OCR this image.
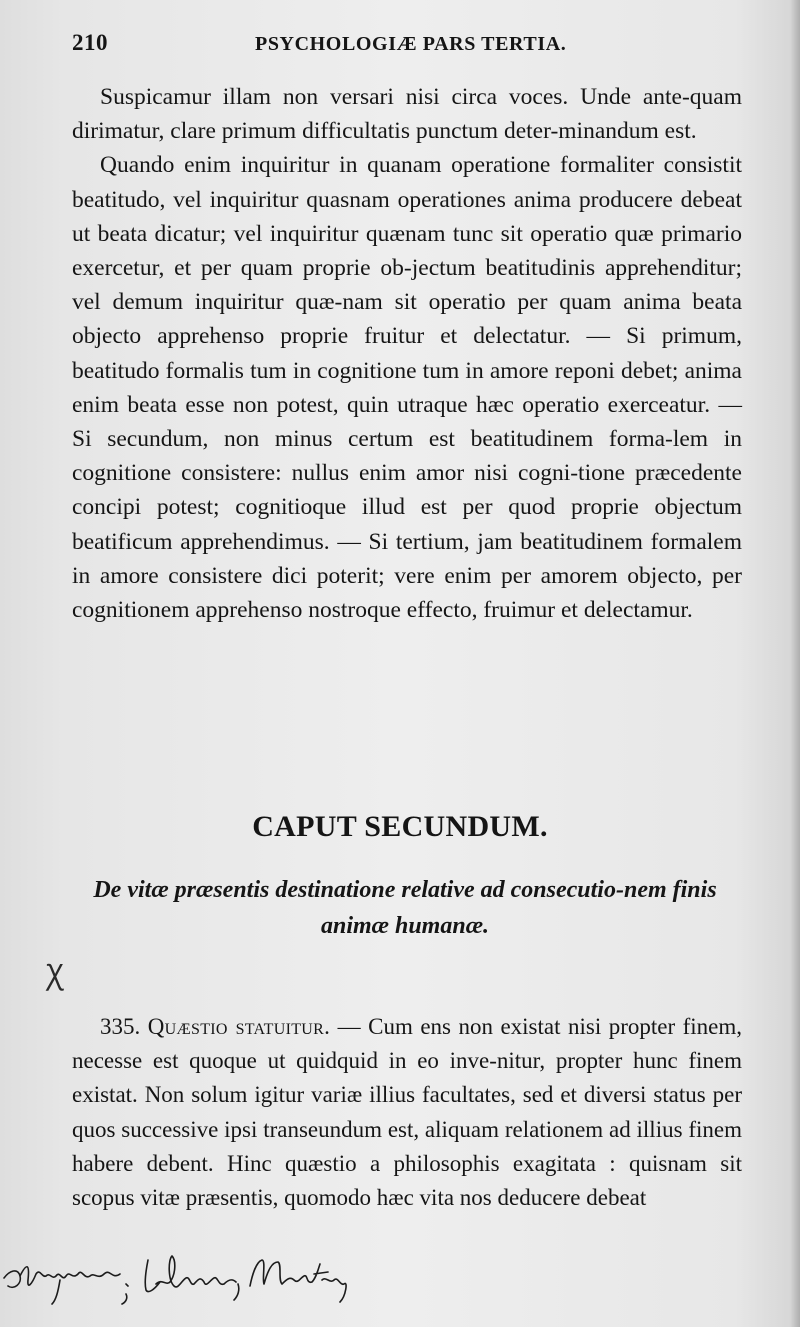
210	PSYCHOLOGIÆ PARS TERTIA.

Suspicamur illam non versari nisi circa voces. Unde ante-quam dirimatur, clare primum difficultatis punctum deter-minandum est.

Quando enim inquiritur in quanam operatione formaliter consistit beatitudo, vel inquiritur quasnam operationes anima producere debeat ut beata dicatur; vel inquiritur quænam tunc sit operatio quæ primario exercetur, et per quam proprie ob-jectum beatitudinis apprehenditur; vel demum inquiritur quæ-nam sit operatio per quam anima beata objecto apprehenso proprie fruitur et delectatur. — Si primum, beatitudo formalis tum in cognitione tum in amore reponi debet; anima enim beata esse non potest, quin utraque hæc operatio exerceatur. — Si secundum, non minus certum est beatitudinem forma-lem in cognitione consistere: nullus enim amor nisi cogni-tione præcedente concipi potest; cognitioque illud est per quod proprie objectum beatificum apprehendimus. — Si tertium, jam beatitudinem formalem in amore consistere dici poterit; vere enim per amorem objecto, per cognitionem apprehenso nostroque effecto, fruimur et delectamur.

CAPUT SECUNDUM.
De vitæ præsentis destinatione relative ad consecutio-nem finis animæ humanæ.
Ꭓ

335. Quæstio statuitur. — Cum ens non existat nisi propter finem, necesse est quoque ut quidquid in eo inve-nitur, propter hunc finem existat. Non solum igitur variæ illius facultates, sed et diversi status per quos successive ipsi transeundum est, aliquam relationem ad illius finem habere debent. Hinc quæstio a philosophis exagitata : quisnam sit scopus vitæ præsentis, quomodo hæc vita nos deducere debeat
